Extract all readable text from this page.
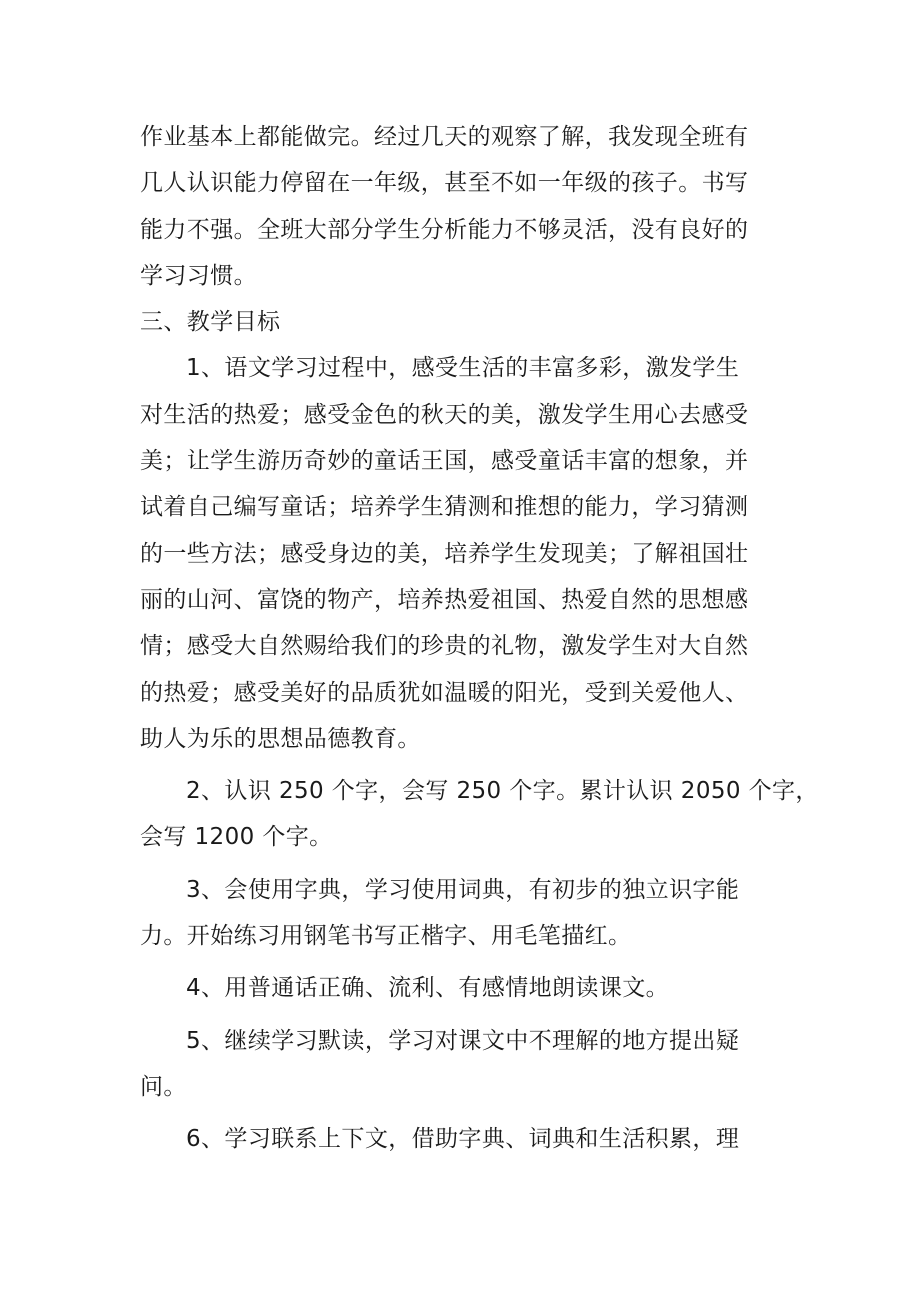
作业基本上都能做完。经过几天的观察了解，我发现全班有
几人认识能力停留在一年级，甚至不如一年级的孩子。书写
能力不强。全班大部分学生分析能力不够灵活，没有良好的
学习习惯。
三、教学目标
1、语文学习过程中，感受生活的丰富多彩，激发学生
对生活的热爱；感受金色的秋天的美，激发学生用心去感受
美；让学生游历奇妙的童话王国，感受童话丰富的想象，并
试着自己编写童话；培养学生猜测和推想的能力，学习猜测
的一些方法；感受身边的美，培养学生发现美；了解祖国壮
丽的山河、富饶的物产，培养热爱祖国、热爱自然的思想感
情；感受大自然赐给我们的珍贵的礼物，激发学生对大自然
的热爱；感受美好的品质犹如温暖的阳光，受到关爱他人、
助人为乐的思想品德教育。
2、认识 250 个字，会写 250 个字。累计认识 2050 个字，
会写 1200 个字。
3、会使用字典，学习使用词典，有初步的独立识字能
力。开始练习用钢笔书写正楷字、用毛笔描红。
4、用普通话正确、流利、有感情地朗读课文。
5、继续学习默读，学习对课文中不理解的地方提出疑
问。
6、学习联系上下文，借助字典、词典和生活积累，理
